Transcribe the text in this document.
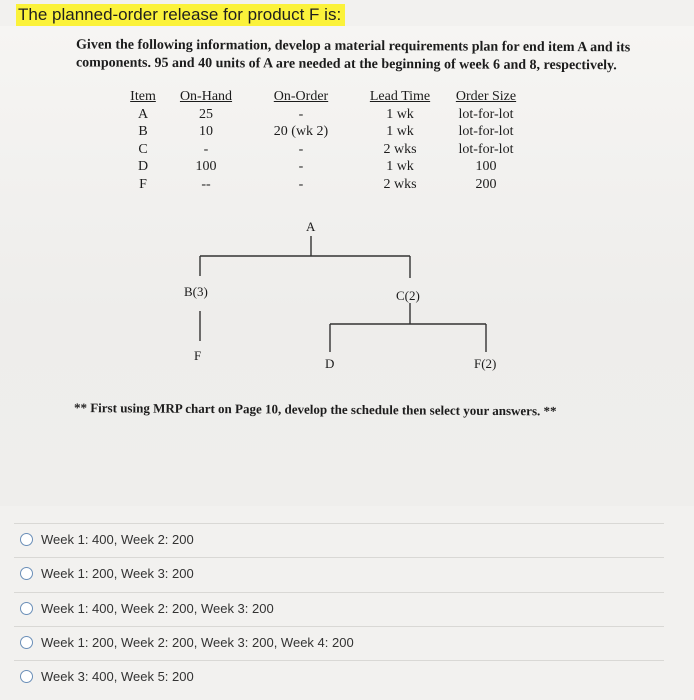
The planned-order release for product F is:
Given the following information, develop a material requirements plan for end item A and its components. 95 and 40 units of A are needed at the beginning of week 6 and 8, respectively.
Item
A
B
C
D
F
On-Hand
25
10
-
100
--
On-Order
-
20 (wk 2)
-
-
-
Lead Time
1 wk
1 wk
2 wks
1 wk
2 wks
Order Size
lot-for-lot
lot-for-lot
lot-for-lot
100
200
A
B(3)	C(2)
F
D	F(2)
** First using MRP chart on Page 10, develop the schedule then select your answers. **
Week 1: 400, Week 2: 200
Week 1: 200, Week 3: 200
Week 1: 400, Week 2: 200, Week 3: 200
Week 1: 200, Week 2: 200, Week 3: 200, Week 4: 200
Week 3: 400, Week 5: 200
